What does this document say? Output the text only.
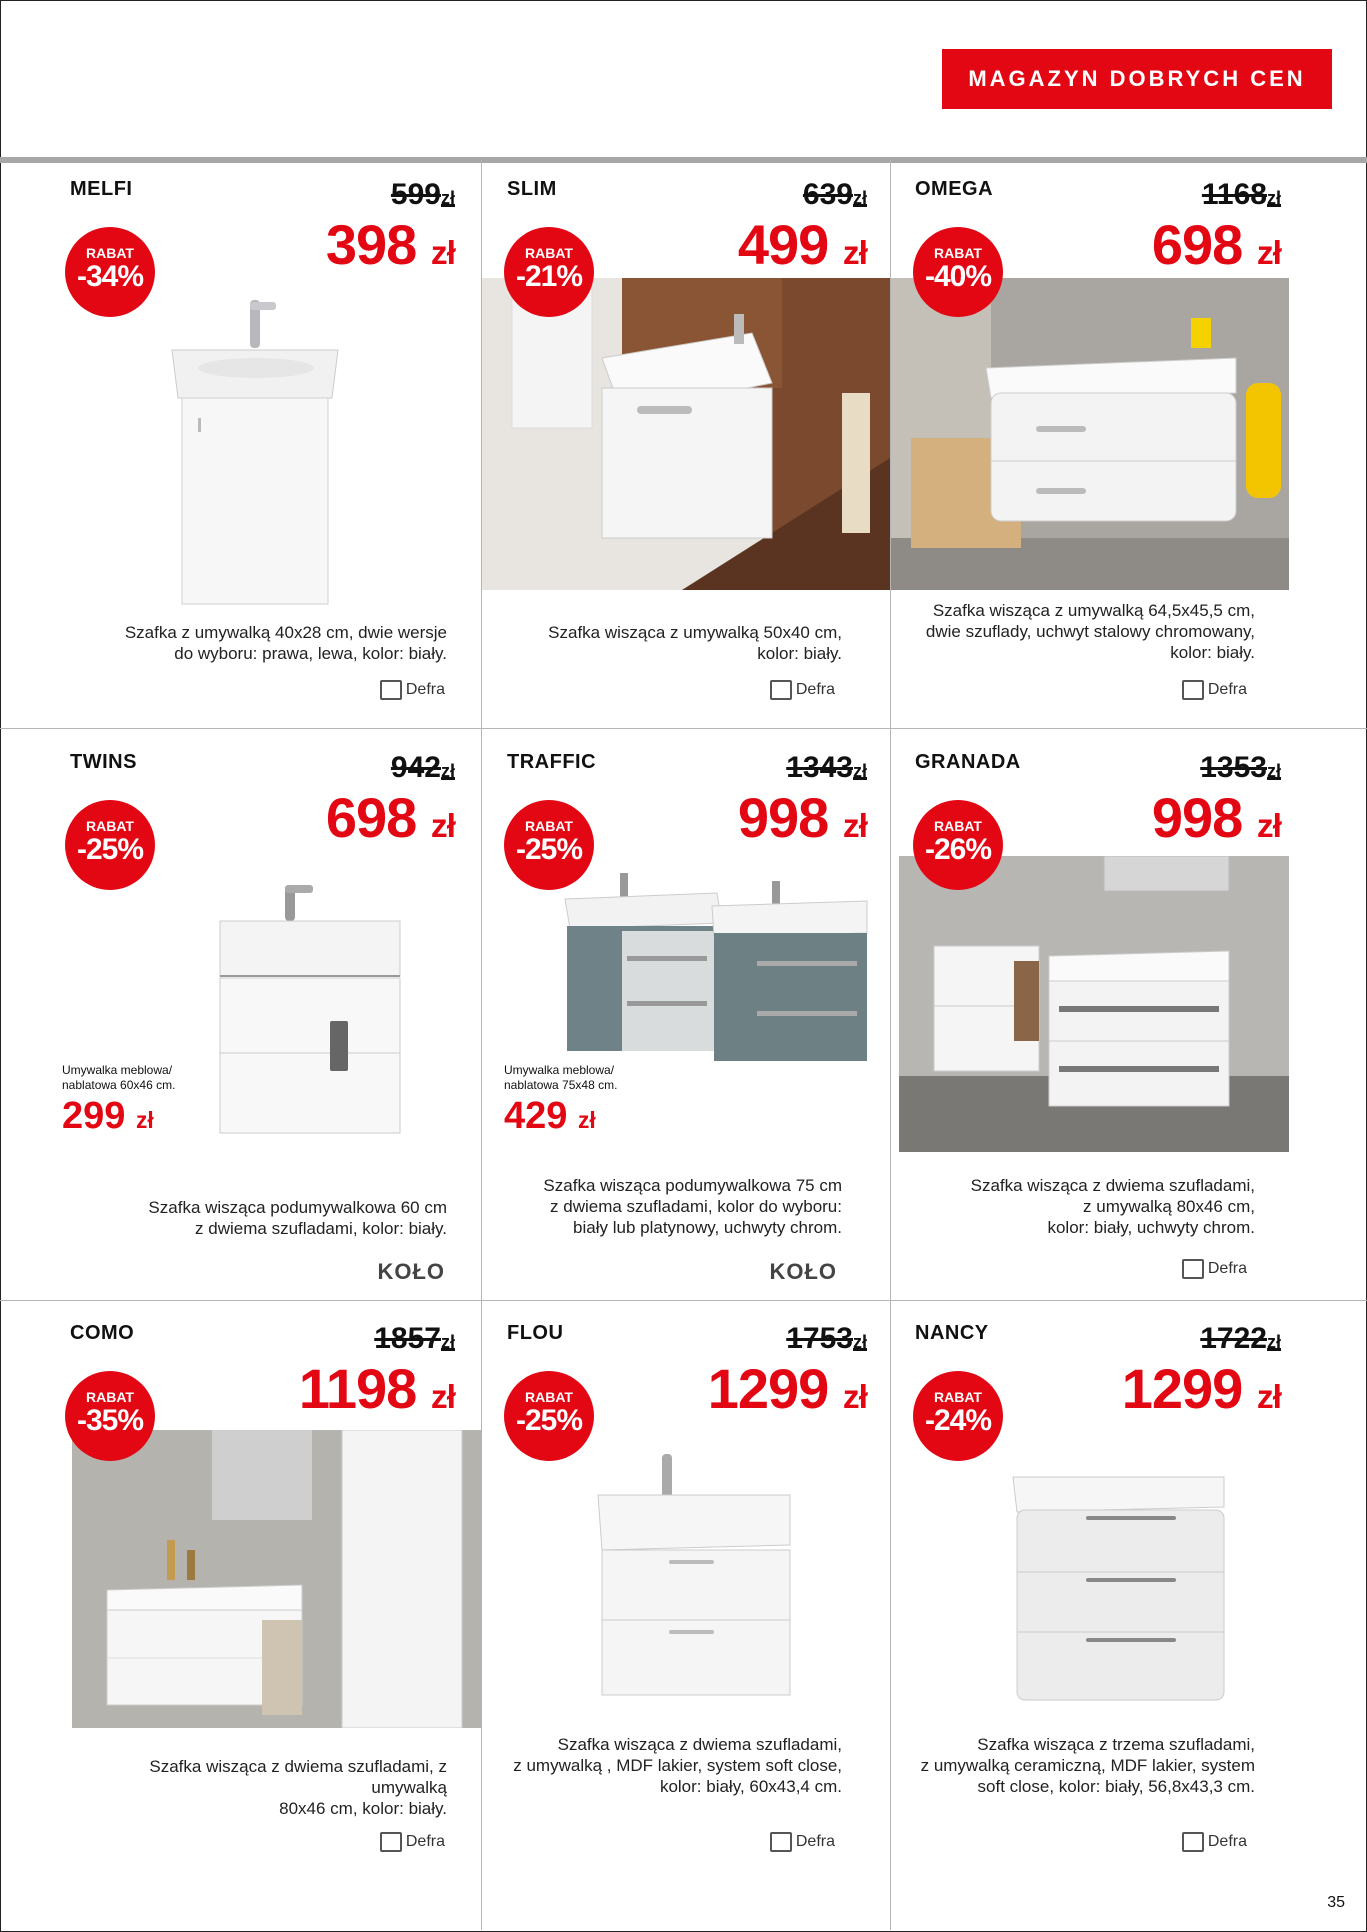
MAGAZYN DOBRYCH CEN
MELFI	599zł
398 zł
RABAT
-34%
Szafka z umywalką 40x28 cm, dwie wersje
do wyboru: prawa, lewa, kolor: biały.
Defra
SLIM	639zł
499 zł
RABAT
-21%
Szafka wisząca z umywalką 50x40 cm,
kolor: biały.
Defra
OMEGA	1168zł
698 zł
RABAT
-40%
Szafka wisząca z umywalką 64,5x45,5 cm,
dwie szuflady, uchwyt stalowy chromowany,
kolor: biały.
Defra
TWINS	942zł
698 zł
RABAT
-25%
Umywalka meblowa/
nablatowa 60x46 cm.
299 zł
Szafka wisząca podumywalkowa 60 cm
z dwiema szufladami, kolor: biały.
KOŁO
TRAFFIC	1343zł
998 zł
RABAT
-25%
Umywalka meblowa/
nablatowa 75x48 cm.
429 zł
Szafka wisząca podumywalkowa 75 cm
z dwiema szufladami, kolor do wyboru:
biały lub platynowy, uchwyty chrom.
KOŁO
GRANADA	1353zł
998 zł
RABAT
-26%
Szafka wisząca z dwiema szufladami,
z umywalką 80x46 cm,
kolor: biały, uchwyty chrom.
Defra
COMO	1857zł
1198 zł
RABAT
-35%
Szafka wisząca z dwiema szufladami, z umywalką
80x46 cm, kolor: biały.
Defra
FLOU	1753zł
1299 zł
RABAT
-25%
Szafka wisząca z dwiema szufladami,
z umywalką , MDF lakier, system soft close,
kolor: biały, 60x43,4 cm.
Defra
NANCY	1722zł
1299 zł
RABAT
-24%
Szafka wisząca z trzema szufladami,
z umywalką ceramiczną, MDF lakier, system
soft close, kolor: biały, 56,8x43,3 cm.
Defra
35
